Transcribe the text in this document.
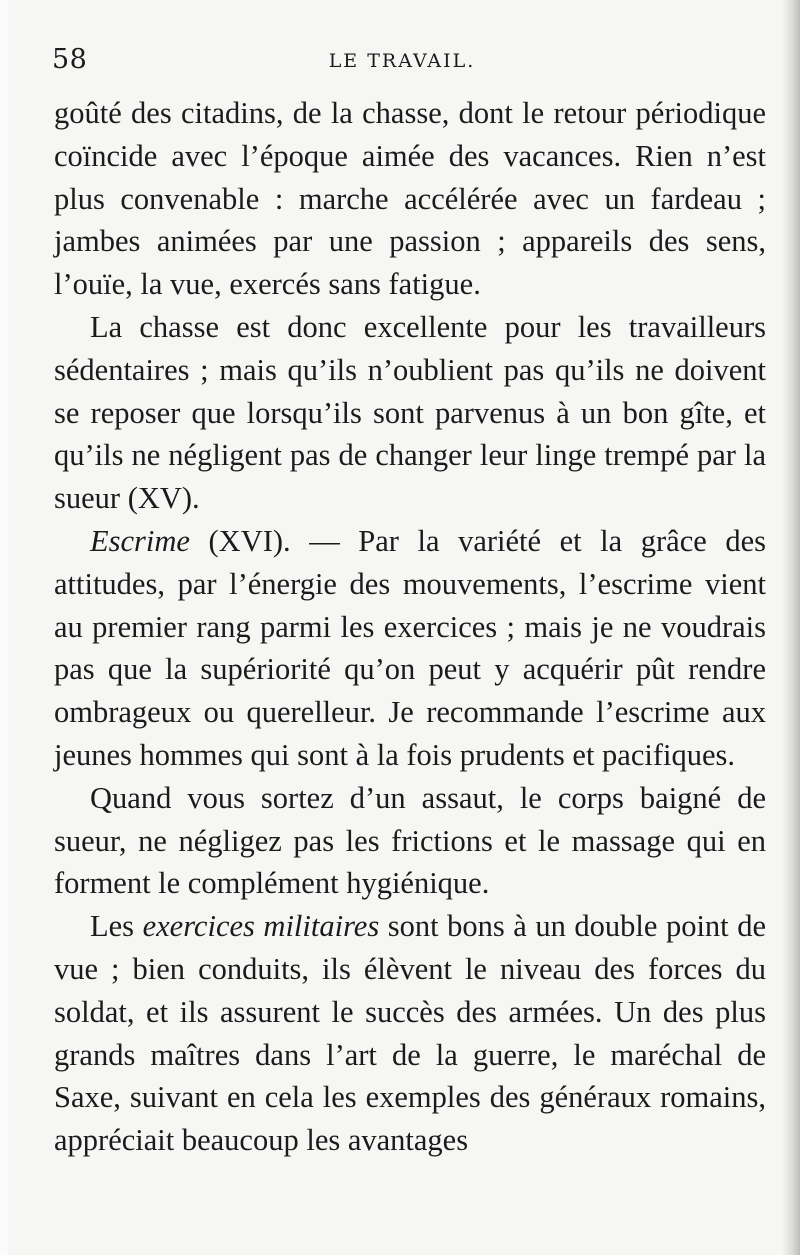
58	LE TRAVAIL.

goûté des citadins, de la chasse, dont le retour périodique coïncide avec l’époque aimée des vacances. Rien n’est plus convenable : marche accélérée avec un fardeau ; jambes animées par une passion ; appareils des sens, l’ouïe, la vue, exercés sans fatigue.

La chasse est donc excellente pour les travailleurs sédentaires ; mais qu’ils n’oublient pas qu’ils ne doivent se reposer que lorsqu’ils sont parvenus à un bon gîte, et qu’ils ne négligent pas de changer leur linge trempé par la sueur (XV).

Escrime (XVI). — Par la variété et la grâce des attitudes, par l’énergie des mouvements, l’escrime vient au premier rang parmi les exercices ; mais je ne voudrais pas que la supériorité qu’on peut y acquérir pût rendre ombrageux ou querelleur. Je recommande l’escrime aux jeunes hommes qui sont à la fois prudents et pacifiques.

Quand vous sortez d’un assaut, le corps baigné de sueur, ne négligez pas les frictions et le massage qui en forment le complément hygiénique.

Les exercices militaires sont bons à un double point de vue ; bien conduits, ils élèvent le niveau des forces du soldat, et ils assurent le succès des armées. Un des plus grands maîtres dans l’art de la guerre, le maréchal de Saxe, suivant en cela les exemples des généraux romains, appréciait beaucoup les avantages
